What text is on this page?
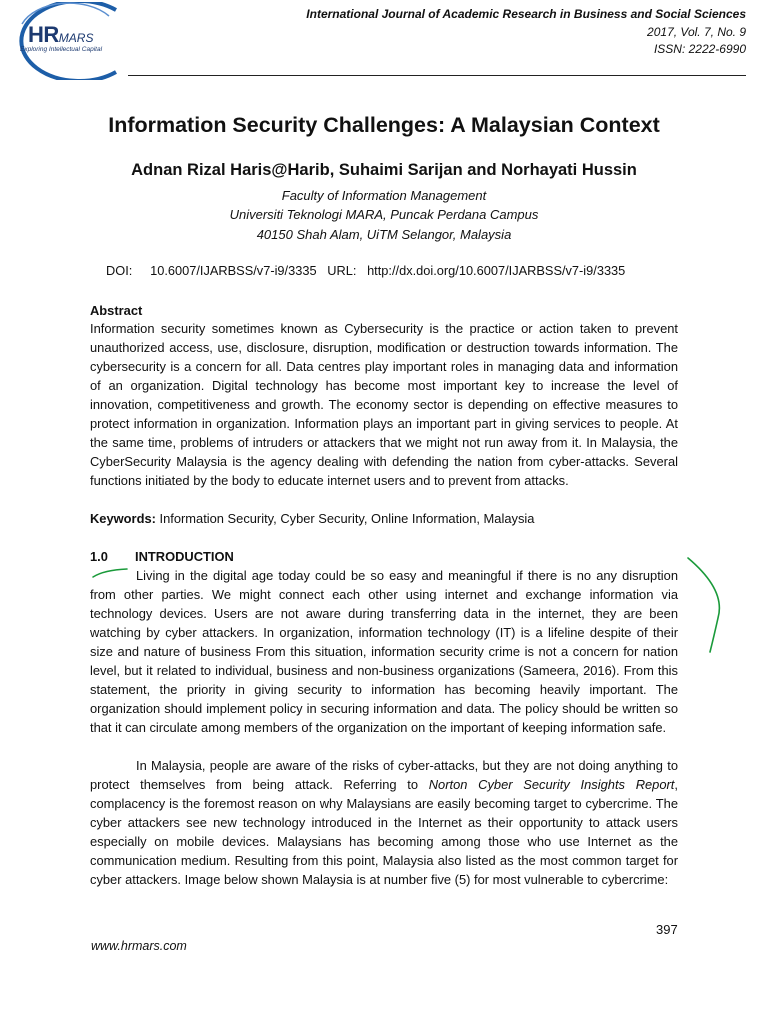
HRMARS
Exploring Intellectual Capital
International Journal of Academic Research in Business and Social Sciences
2017, Vol. 7, No. 9
ISSN: 2222-6990
Information Security Challenges: A Malaysian Context
Adnan Rizal Haris@Harib, Suhaimi Sarijan and Norhayati Hussin
Faculty of Information Management
Universiti Teknologi MARA, Puncak Perdana Campus
40150 Shah Alam, UiTM Selangor, Malaysia
DOI: 10.6007/IJARBSS/v7-i9/3335 URL: http://dx.doi.org/10.6007/IJARBSS/v7-i9/3335
Abstract
Information security sometimes known as Cybersecurity is the practice or action taken to prevent unauthorized access, use, disclosure, disruption, modification or destruction towards information. The cybersecurity is a concern for all. Data centres play important roles in managing data and information of an organization. Digital technology has become most important key to increase the level of innovation, competitiveness and growth. The economy sector is depending on effective measures to protect information in organization. Information plays an important part in giving services to people. At the same time, problems of intruders or attackers that we might not run away from it. In Malaysia, the CyberSecurity Malaysia is the agency dealing with defending the nation from cyber-attacks. Several functions initiated by the body to educate internet users and to prevent from attacks.
Keywords: Information Security, Cyber Security, Online Information, Malaysia
1.0 INTRODUCTION
Living in the digital age today could be so easy and meaningful if there is no any disruption from other parties. We might connect each other using internet and exchange information via technology devices. Users are not aware during transferring data in the internet, they are been watching by cyber attackers. In organization, information technology (IT) is a lifeline despite of their size and nature of business From this situation, information security crime is not a concern for nation level, but it related to individual, business and non-business organizations (Sameera, 2016). From this statement, the priority in giving security to information has becoming heavily important. The organization should implement policy in securing information and data. The policy should be written so that it can circulate among members of the organization on the important of keeping information safe.
In Malaysia, people are aware of the risks of cyber-attacks, but they are not doing anything to protect themselves from being attack. Referring to Norton Cyber Security Insights Report, complacency is the foremost reason on why Malaysians are easily becoming target to cybercrime. The cyber attackers see new technology introduced in the Internet as their opportunity to attack users especially on mobile devices. Malaysians has becoming among those who use Internet as the communication medium. Resulting from this point, Malaysia also listed as the most common target for cyber attackers. Image below shown Malaysia is at number five (5) for most vulnerable to cybercrime:
397
www.hrmars.com
